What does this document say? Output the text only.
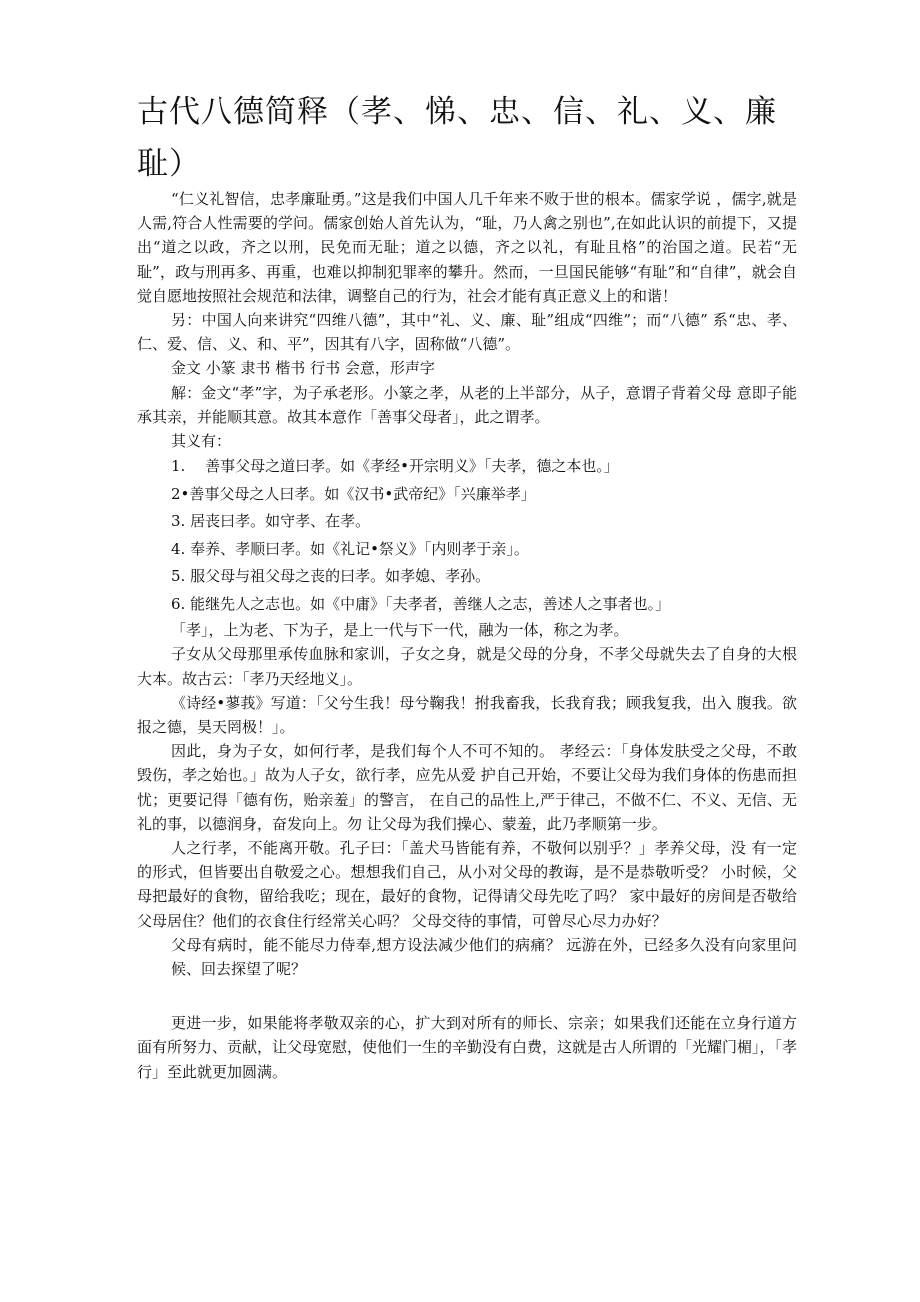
古代八德简释（孝、悌、忠、信、礼、义、廉耻）

“仁义礼智信，忠孝廉耻勇。”这是我们中国人几千年来不败于世的根本。儒家学说 ，儒字,就是人需,符合人性需要的学问。儒家创始人首先认为，“耻，乃人禽之别也”,在如此认识的前提下，又提出“道之以政，齐之以刑，民免而无耻；道之以德，齐之以礼，有耻且格”的治国之道。民若“无耻”，政与刑再多、再重，也难以抑制犯罪率的攀升。然而，一旦国民能够“有耻”和“自律”，就会自觉自愿地按照社会规范和法律，调整自己的行为，社会才能有真正意义上的和谐！

另：中国人向来讲究“四维八德”，其中“礼、义、廉、耻”组成“四维”；而“八德” 系“忠、孝、仁、爱、信、义、和、平”，因其有八字，固称做“八德”。

金文 小篆 隶书 楷书 行书 会意，形声字

解：金文“孝”字，为子承老形。小篆之孝，从老的上半部分，从子，意谓子背着父母 意即子能承其亲，并能顺其意。故其本意作「善事父母者」，此之谓孝。

其义有：

1.　 善事父母之道曰孝。如《孝经•开宗明义》「夫孝，德之本也。」
2•善事父母之人曰孝。如《汉书•武帝纪》「兴廉举孝」
3. 居丧曰孝。如守孝、在孝。
4. 奉养、孝顺曰孝。如《礼记•祭义》「内则孝于亲」。
5. 服父母与祖父母之丧的曰孝。如孝媳、孝孙。
6. 能继先人之志也。如《中庸》「夫孝者，善继人之志，善述人之事者也。」

「孝」，上为老、下为子，是上一代与下一代，融为一体，称之为孝。

子女从父母那里承传血脉和家训，子女之身，就是父母的分身，不孝父母就失去了自身的大根大本。故古云：「孝乃天经地义」。

《诗经•蓼莪》写道：「父兮生我！母兮鞠我！拊我畜我，长我育我；顾我复我，出入 腹我。欲报之德，昊天罔极！」。

因此，身为子女，如何行孝，是我们每个人不可不知的。 孝经云：「身体发肤受之父母，不敢毁伤，孝之始也。」故为人子女，欲行孝，应先从爱 护自己开始，不要让父母为我们身体的伤患而担忧；更要记得「德有伤，贻亲羞」的警言， 在自己的品性上,严于律己，不做不仁、不义、无信、无礼的事，以德润身，奋发向上。勿 让父母为我们操心、蒙羞，此乃孝顺第一步。

人之行孝，不能离开敬。孔子曰：「盖犬马皆能有养，不敬何以别乎？」孝养父母，没 有一定的形式，但皆要出自敬爱之心。想想我们自己，从小对父母的教诲，是不是恭敬听受？ 小时候，父母把最好的食物，留给我吃；现在，最好的食物，记得请父母先吃了吗？ 家中最好的房间是否敬给父母居住？他们的衣食住行经常关心吗？ 父母交待的事情，可曾尽心尽力办好？

父母有病时，能不能尽力侍奉,想方设法减少他们的病痛？ 远游在外，已经多久没有向家里问候、回去探望了呢？

更进一步，如果能将孝敬双亲的心，扩大到对所有的师长、宗亲；如果我们还能在立身行道方面有所努力、贡献，让父母宽慰，使他们一生的辛勤没有白费，这就是古人所谓的「光耀门楣」，「孝行」至此就更加圆满。
